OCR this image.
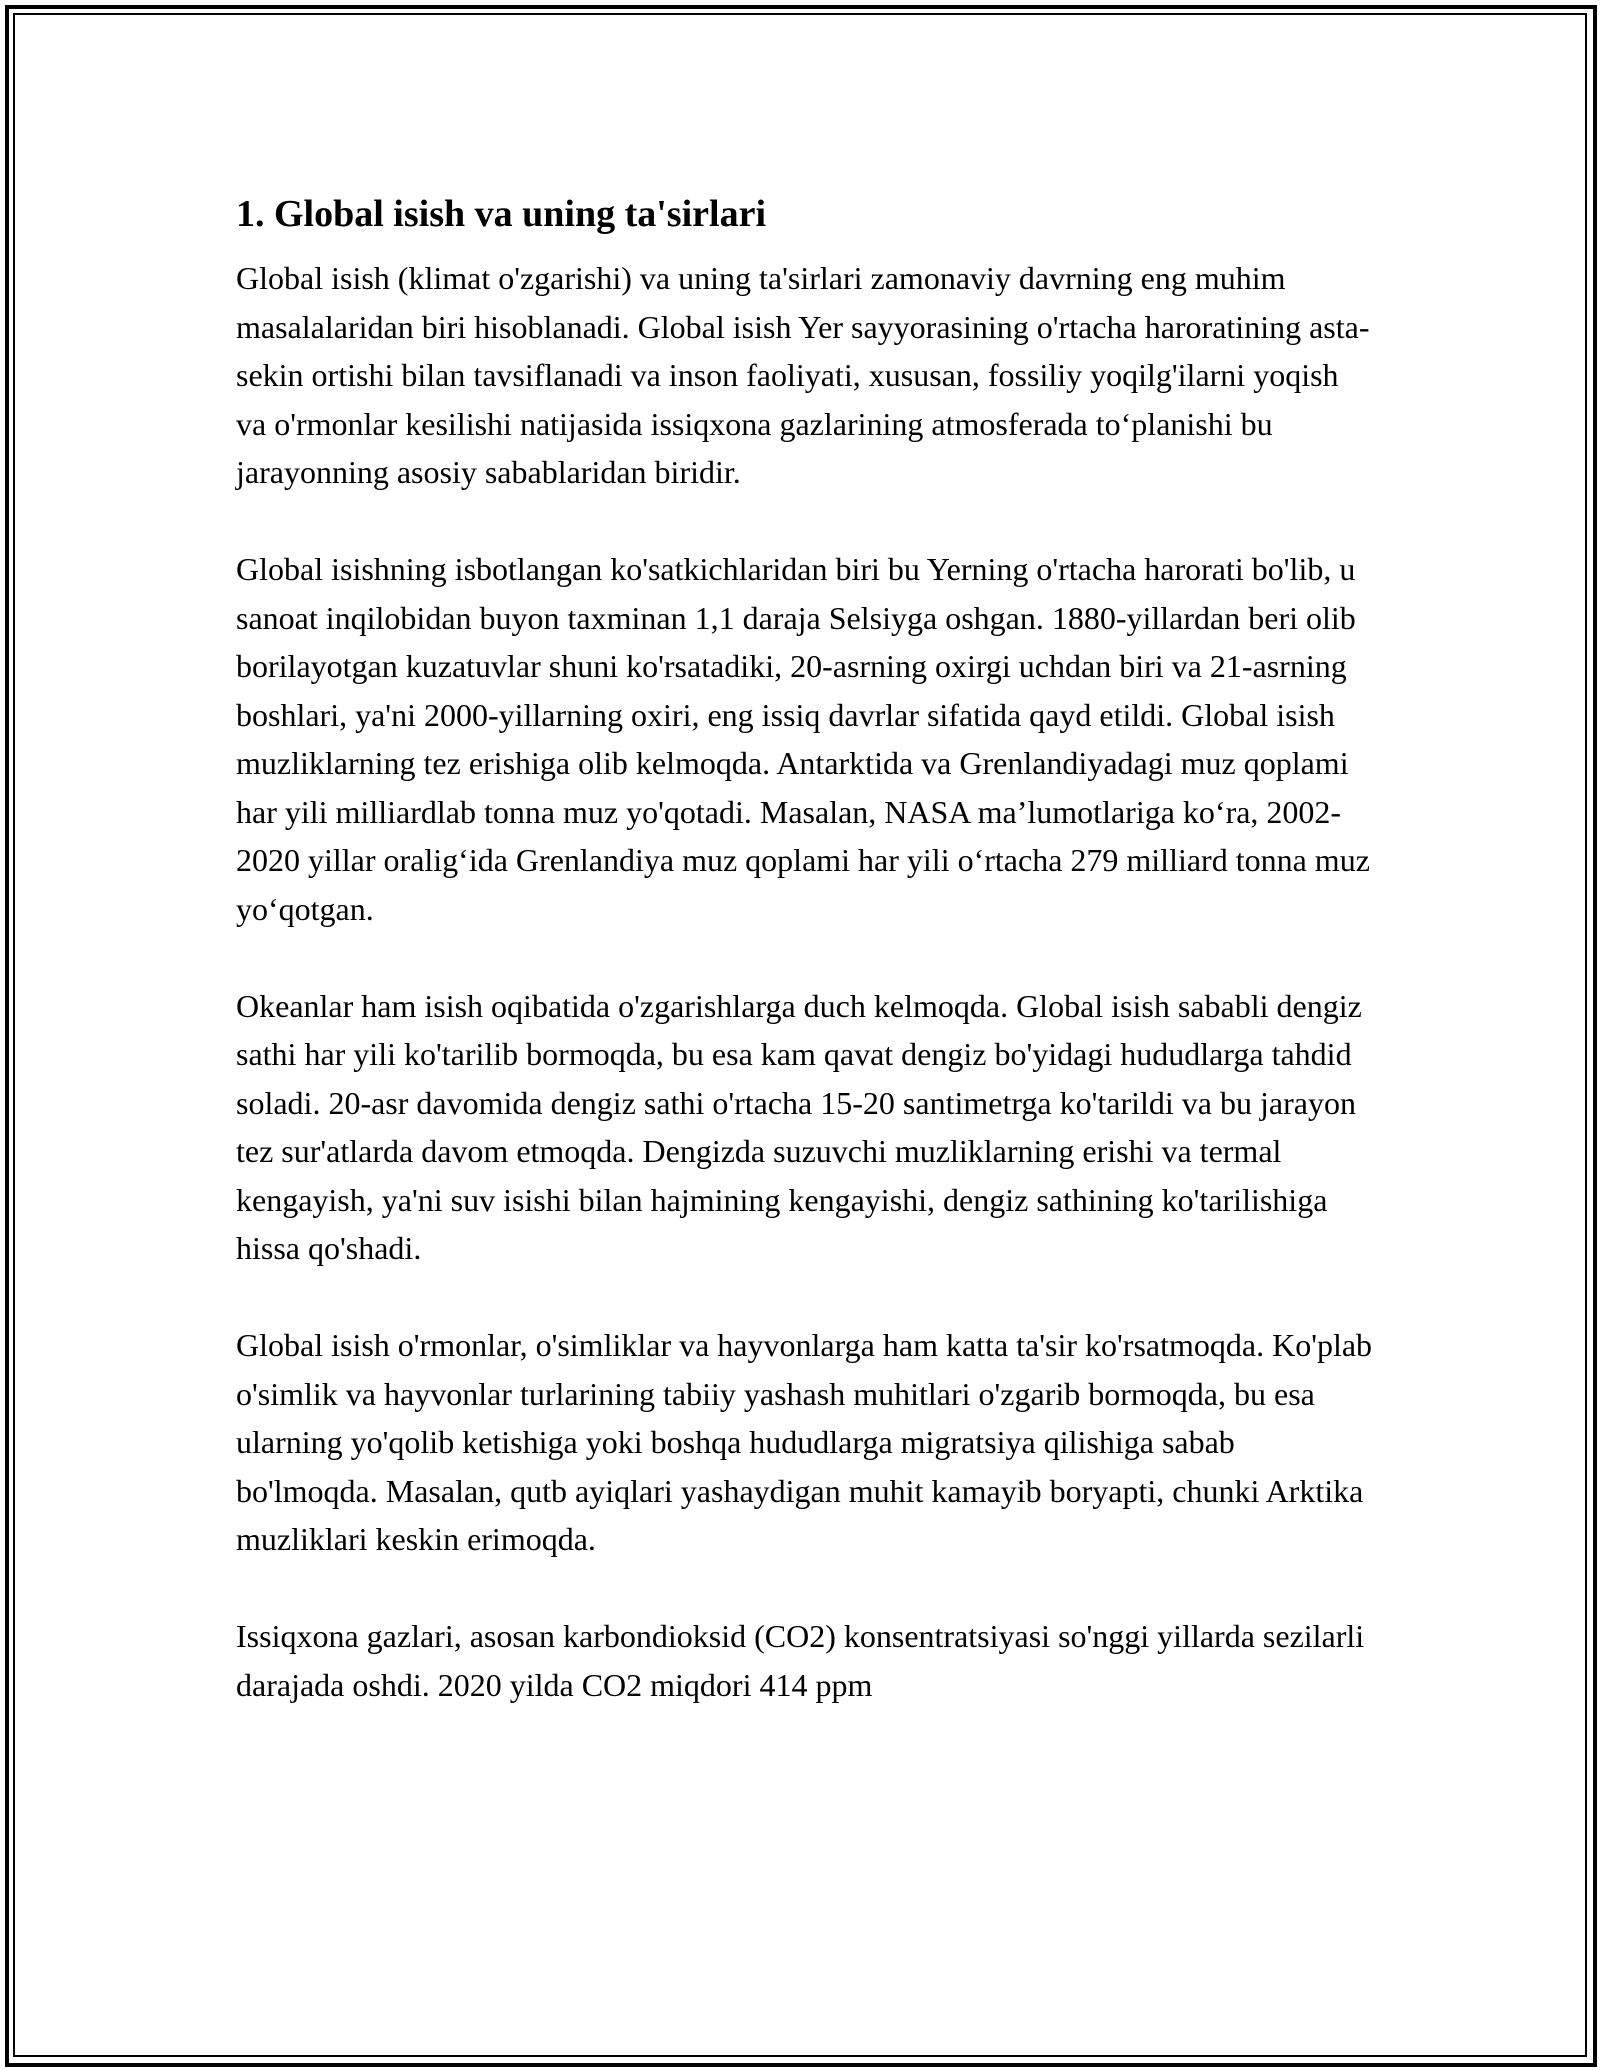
1. Global isish va uning ta'sirlari

Global isish (klimat o'zgarishi) va uning ta'sirlari zamonaviy davrning eng muhim masalalaridan biri hisoblanadi. Global isish Yer sayyorasining o'rtacha haroratining asta-sekin ortishi bilan tavsiflanadi va inson faoliyati, xususan, fossiliy yoqilg'ilarni yoqish va o'rmonlar kesilishi natijasida issiqxona gazlarining atmosferada to‘planishi bu jarayonning asosiy sabablaridan biridir.

Global isishning isbotlangan ko'satkichlaridan biri bu Yerning o'rtacha harorati bo'lib, u sanoat inqilobidan buyon taxminan 1,1 daraja Selsiyga oshgan. 1880-yillardan beri olib borilayotgan kuzatuvlar shuni ko'rsatadiki, 20-asrning oxirgi uchdan biri va 21-asrning boshlari, ya'ni 2000-yillarning oxiri, eng issiq davrlar sifatida qayd etildi. Global isish muzliklarning tez erishiga olib kelmoqda. Antarktida va Grenlandiyadagi muz qoplami har yili milliardlab tonna muz yo'qotadi. Masalan, NASA ma’lumotlariga ko‘ra, 2002-2020 yillar oralig‘ida Grenlandiya muz qoplami har yili o‘rtacha 279 milliard tonna muz yo‘qotgan.

Okeanlar ham isish oqibatida o'zgarishlarga duch kelmoqda. Global isish sababli dengiz sathi har yili ko'tarilib bormoqda, bu esa kam qavat dengiz bo'yidagi hududlarga tahdid soladi. 20-asr davomida dengiz sathi o'rtacha 15-20 santimetrga ko'tarildi va bu jarayon tez sur'atlarda davom etmoqda. Dengizda suzuvchi muzliklarning erishi va termal kengayish, ya'ni suv isishi bilan hajmining kengayishi, dengiz sathining ko'tarilishiga hissa qo'shadi.

Global isish o'rmonlar, o'simliklar va hayvonlarga ham katta ta'sir ko'rsatmoqda. Ko'plab o'simlik va hayvonlar turlarining tabiiy yashash muhitlari o'zgarib bormoqda, bu esa ularning yo'qolib ketishiga yoki boshqa hududlarga migratsiya qilishiga sabab bo'lmoqda. Masalan, qutb ayiqlari yashaydigan muhit kamayib boryapti, chunki Arktika muzliklari keskin erimoqda.

Issiqxona gazlari, asosan karbondioksid (CO2) konsentratsiyasi so'nggi yillarda sezilarli darajada oshdi. 2020 yilda CO2 miqdori 414 ppm
